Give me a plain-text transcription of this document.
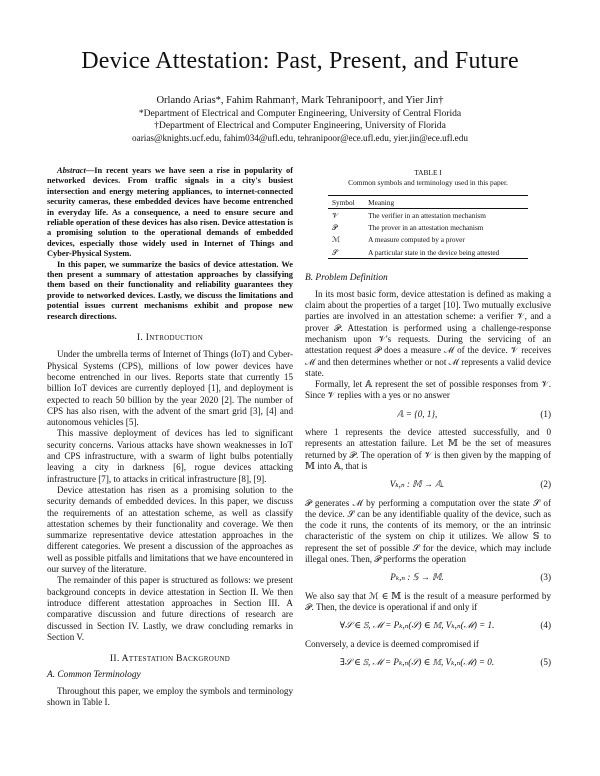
Device Attestation: Past, Present, and Future
Orlando Arias*, Fahim Rahman†, Mark Tehranipoor†, and Yier Jin†
*Department of Electrical and Computer Engineering, University of Central Florida
†Department of Electrical and Computer Engineering, University of Florida
oarias@knights.ucf.edu, fahim034@ufl.edu, tehranipoor@ece.ufl.edu, yier.jin@ece.ufl.edu

Abstract—In recent years we have seen a rise in popularity of networked devices. From traffic signals in a city's busiest intersection and energy metering appliances, to internet-connected security cameras, these embedded devices have become entrenched in everyday life. As a consequence, a need to ensure secure and reliable operation of these devices has also risen. Device attestation is a promising solution to the operational demands of embedded devices, especially those widely used in Internet of Things and Cyber-Physical System.

In this paper, we summarize the basics of device attestation. We then present a summary of attestation approaches by classifying them based on their functionality and reliability guarantees they provide to networked devices. Lastly, we discuss the limitations and potential issues current mechanisms exhibit and propose new research directions.

I. Introduction

Under the umbrella terms of Internet of Things (IoT) and Cyber-Physical Systems (CPS), millions of low power devices have become entrenched in our lives. Reports state that currently 15 billion IoT devices are currently deployed [1], and deployment is expected to reach 50 billion by the year 2020 [2]. The number of CPS has also risen, with the advent of the smart grid [3], [4] and autonomous vehicles [5].

This massive deployment of devices has led to significant security concerns. Various attacks have shown weaknesses in IoT and CPS infrastructure, with a swarm of light bulbs potentially leaving a city in darkness [6], rogue devices attacking infrastructure [7], to attacks in critical infrastructure [8], [9].

Device attestation has risen as a promising solution to the security demands of embedded devices. In this paper, we discuss the requirements of an attestation scheme, as well as classify attestation schemes by their functionality and coverage. We then summarize representative device attestation approaches in the different categories. We present a discussion of the approaches as well as possible pitfalls and limitations that we have encountered in our survey of the literature.

The remainder of this paper is structured as follows: we present background concepts in device attestation in Section II. We then introduce different attestation approaches in Section III. A comparative discussion and future directions of research are discussed in Section IV. Lastly, we draw concluding remarks in Section V.

II. Attestation Background
A. Common Terminology

Throughout this paper, we employ the symbols and terminology shown in Table I.

TABLE I
Common symbols and terminology used in this paper.
Symbol	Meaning
𝒱	The verifier in an attestation mechanism
𝒫	The prover in an attestation mechanism
ℳ	A measure computed by a prover
𝒮	A particular state in the device being attested
B. Problem Definition

In its most basic form, device attestation is defined as making a claim about the properties of a target [10]. Two mutually exclusive parties are involved in an attestation scheme: a verifier 𝒱, and a prover 𝒫. Attestation is performed using a challenge-response mechanism upon 𝒱's requests. During the servicing of an attestation request 𝒫 does a measure ℳ of the device. 𝒱 receives ℳ and then determines whether or not ℳ represents a valid device state.

Formally, let 𝔸 represent the set of possible responses from 𝒱. Since 𝒱 replies with a yes or no answer

𝔸 = {0, 1},	(1)

where 1 represents the device attested successfully, and 0 represents an attestation failure. Let 𝕄 be the set of measures returned by 𝒫. The operation of 𝒱 is then given by the mapping of 𝕄 into 𝔸, that is

Vₖ,ₙ : 𝕄 → 𝔸.	(2)

𝒫 generates ℳ by performing a computation over the state 𝒮 of the device. 𝒮 can be any identifiable quality of the device, such as the code it runs, the contents of its memory, or the an intrinsic characteristic of the system on chip it utilizes. We allow 𝕊 to represent the set of possible 𝒮 for the device, which may include illegal ones. Then, 𝒫 performs the operation

Pₖ,ₙ : 𝕊 → 𝕄.	(3)

We also say that ℳ ∈ 𝕄 is the result of a measure performed by 𝒫. Then, the device is operational if and only if

∀𝒮 ∈ 𝕊, ℳ = Pₖ,ₙ(𝒮) ∈ 𝕄, Vₖ,ₙ(ℳ) = 1.	(4)

Conversely, a device is deemed compromised if

∃𝒮 ∈ 𝕊, ℳ = Pₖ,ₙ(𝒮) ∈ 𝕄, Vₖ,ₙ(ℳ) = 0.	(5)
